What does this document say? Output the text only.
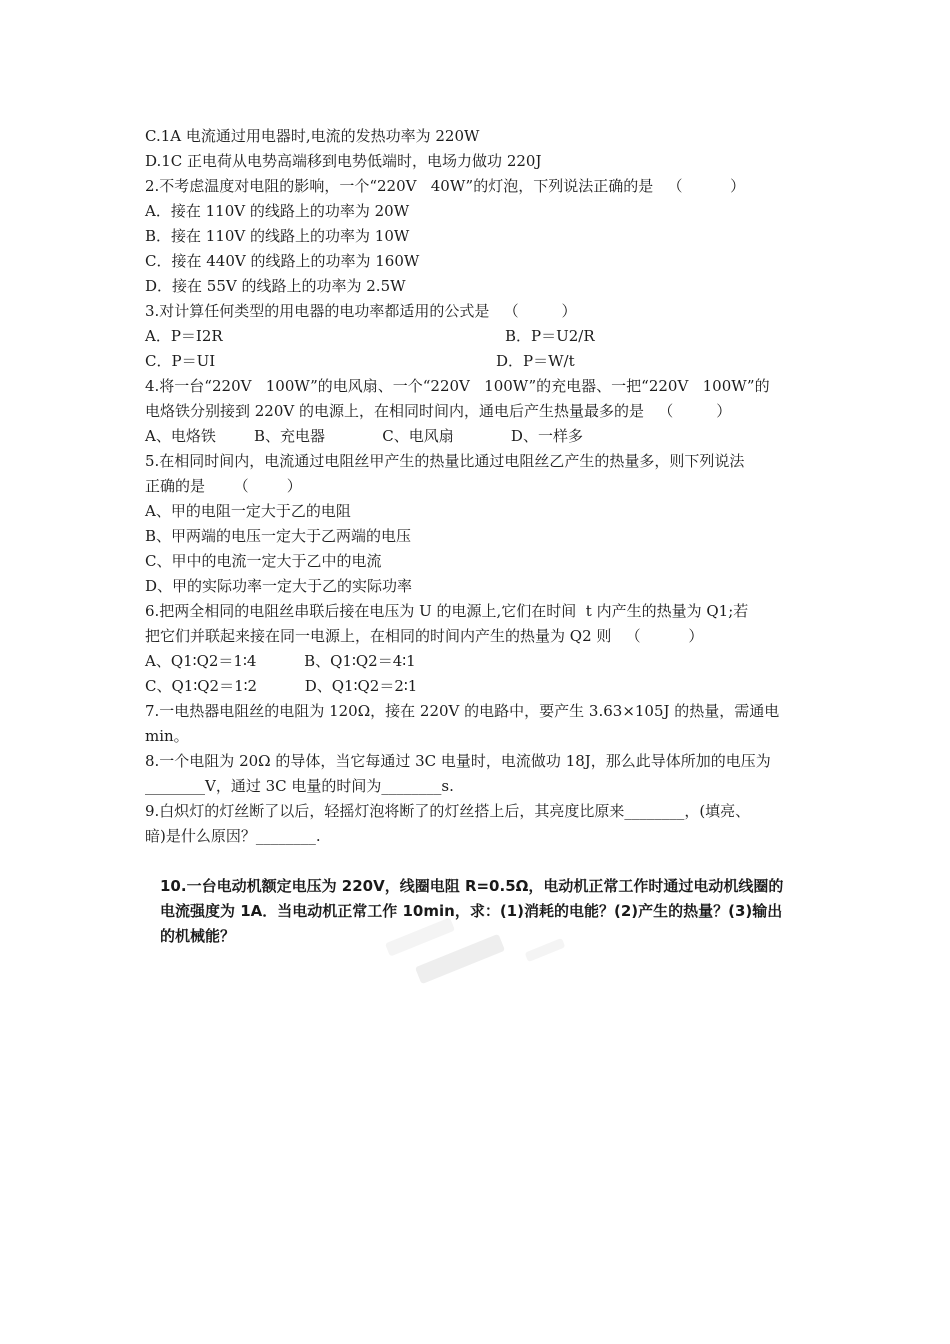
C.1A 电流通过用电器时,电流的发热功率为 220W
D.1C 正电荷从电势高端移到电势低端时，电场力做功 220J
2.不考虑温度对电阻的影响，一个“220V   40W”的灯泡，下列说法正确的是   （          ）
A．接在 110V 的线路上的功率为 20W
B．接在 110V 的线路上的功率为 10W
C．接在 440V 的线路上的功率为 160W
D．接在 55V 的线路上的功率为 2.5W
3.对计算任何类型的用电器的电功率都适用的公式是   （         ）
A．P＝I2R	B．P＝U2/R
C．P＝UI	D．P＝W/t
4.将一台“220V   100W”的电风扇、一个“220V   100W”的充电器、一把“220V   100W”的
电烙铁分别接到 220V 的电源上，在相同时间内，通电后产生热量最多的是   （         ）
A、电烙铁        B、充电器            C、电风扇            D、一样多
5.在相同时间内，电流通过电阻丝甲产生的热量比通过电阻丝乙产生的热量多，则下列说法
正确的是      （        ）
A、甲的电阻一定大于乙的电阻
B、甲两端的电压一定大于乙两端的电压
C、甲中的电流一定大于乙中的电流
D、甲的实际功率一定大于乙的实际功率
6.把两全相同的电阻丝串联后接在电压为 U 的电源上,它们在时间  t 内产生的热量为 Q1;若
把它们并联起来接在同一电源上，在相同的时间内产生的热量为 Q2 则   （          ）
A、Q1∶Q2＝1∶4          B、Q1∶Q2＝4∶1
C、Q1∶Q2＝1∶2          D、Q1∶Q2＝2∶1
7.一电热器电阻丝的电阻为 120Ω，接在 220V 的电路中，要产生 3.63×105J 的热量，需通电
min。
8.一个电阻为 20Ω 的导体，当它每通过 3C 电量时，电流做功 18J，那么此导体所加的电压为
________V，通过 3C 电量的时间为________s.
9.白炽灯的灯丝断了以后，轻摇灯泡将断了的灯丝搭上后，其亮度比原来________，(填亮、
暗)是什么原因？________.
10.一台电动机额定电压为 220V，线圈电阻 R=0.5Ω，电动机正常工作时通过电动机线圈的
电流强度为 1A．当电动机正常工作 10min，求：(1)消耗的电能？(2)产生的热量？(3)输出
的机械能？
